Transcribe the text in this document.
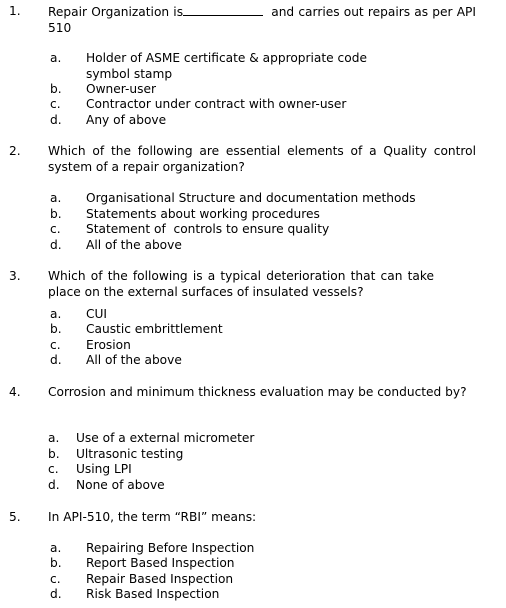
1. Repair Organization is	and carries out repairs as per API 510
a. Holder of ASME certificate & appropriate code symbol stamp
b. Owner-user
c. Contractor under contract with owner-user
d. Any of above
2. Which of the following are essential elements of a Quality control system of a repair organization?
a. Organisational Structure and documentation methods
b. Statements about working procedures
c. Statement of  controls to ensure quality
d. All of the above
3. Which of the following is a typical deterioration that can take place on the external surfaces of insulated vessels?
a. CUI
b. Caustic embrittlement
c. Erosion
d. All of the above
4. Corrosion and minimum thickness evaluation may be conducted by?
a. Use of a external micrometer
b. Ultrasonic testing
c. Using LPI
d. None of above
5. In API-510, the term “RBI” means:
a. Repairing Before Inspection
b. Report Based Inspection
c. Repair Based Inspection
d. Risk Based Inspection
